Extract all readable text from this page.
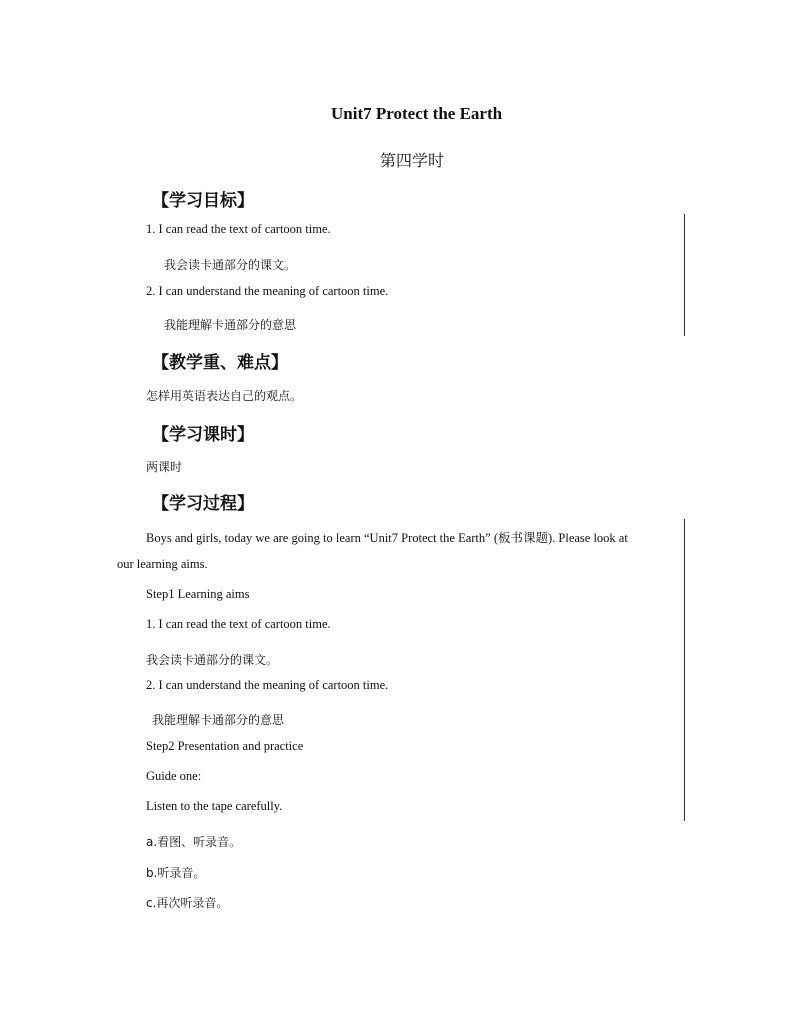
Unit7 Protect the Earth
第四学时
【学习目标】
1. I can read the text of cartoon time.
我会读卡通部分的课文。
2. I can understand the meaning of cartoon time.
我能理解卡通部分的意思
【教学重、难点】
怎样用英语表达自己的观点。
【学习课时】
两课时
【学习过程】
Boys and girls, today we are going to learn “Unit7 Protect the Earth” (板书课题). Please look at
our learning aims.
Step1 Learning aims
1. I can read the text of cartoon time.
我会读卡通部分的课文。
2. I can understand the meaning of cartoon time.
我能理解卡通部分的意思
Step2 Presentation and practice
Guide one:
Listen to the tape carefully.
a.看图、听录音。
b.听录音。
c.再次听录音。
